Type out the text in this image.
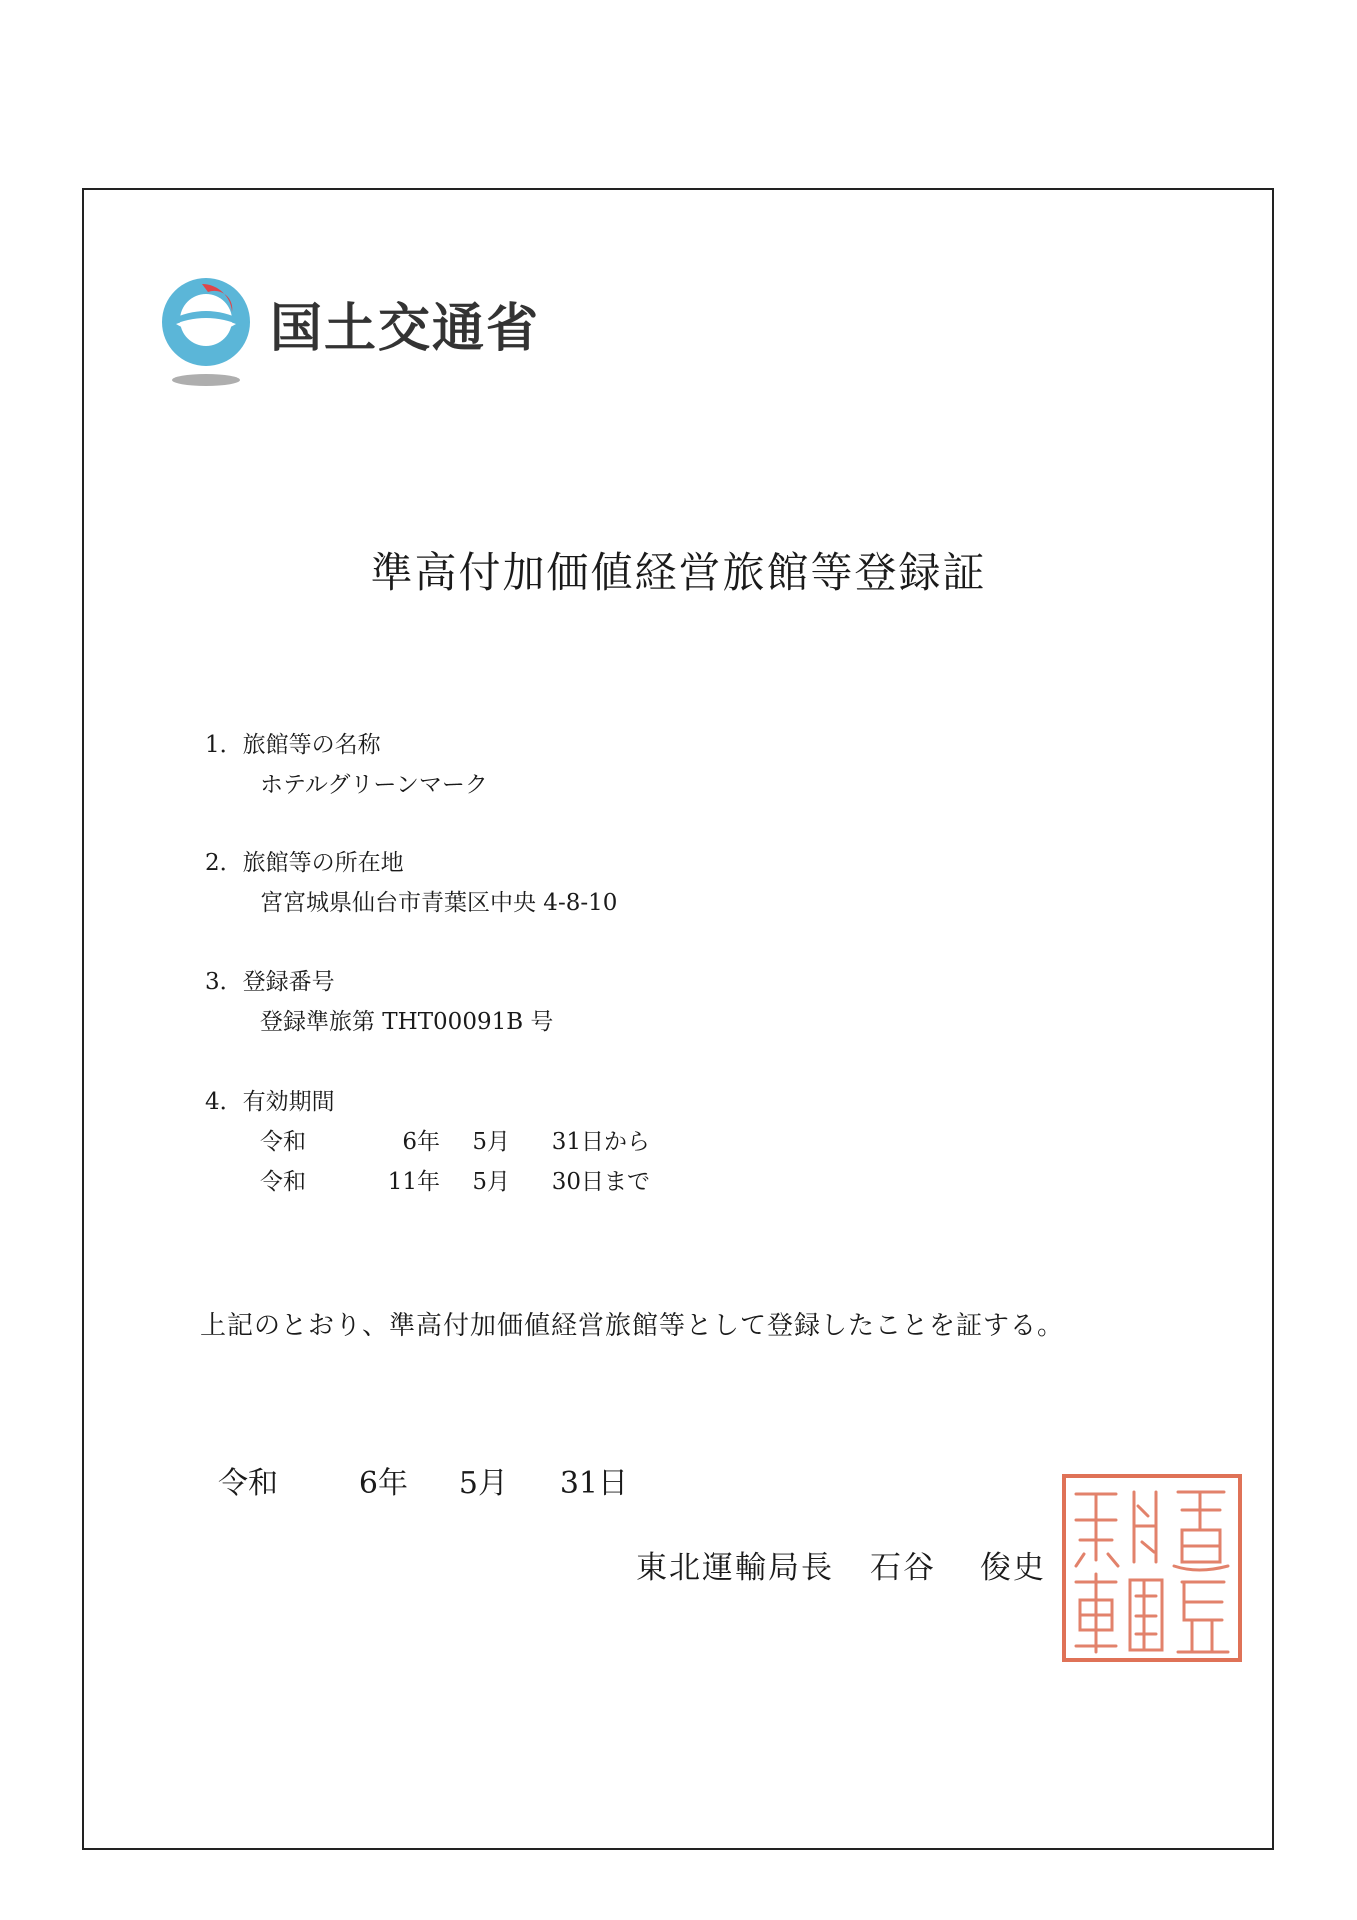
国土交通省
準高付加価値経営旅館等登録証
1．旅館等の名称
ホテルグリーンマーク
2．旅館等の所在地
宮宮城県仙台市青葉区中央 4-8-10
3．登録番号
登録準旅第 THT00091B 号
4．有効期間
令和	6年	5月	31日から
令和	11年	5月	30日まで
上記のとおり、準高付加価値経営旅館等として登録したことを証する。
令和	6年	5月	31日
東北運輸局長 石谷 俊史
